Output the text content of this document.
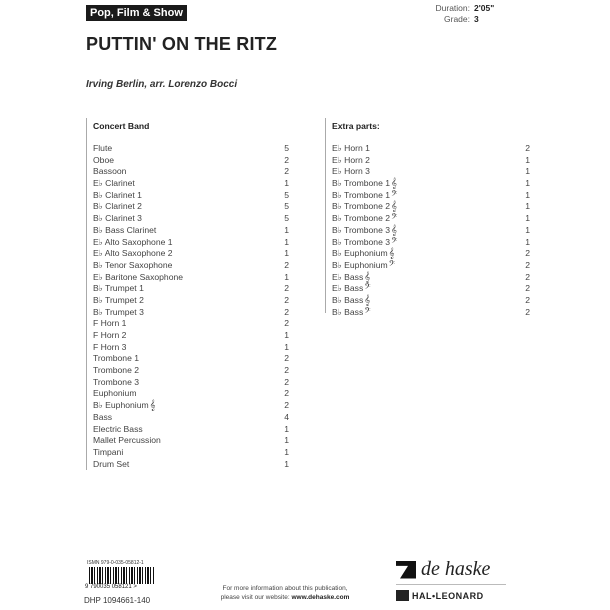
Pop, Film & Show	Duration: 2'05"
Grade: 3
PUTTIN' ON THE RITZ
Irving Berlin, arr. Lorenzo Bocci
Concert Band
Flute	5
Oboe	2
Bassoon	2
E♭ Clarinet	1
B♭ Clarinet 1	5
B♭ Clarinet 2	5
B♭ Clarinet 3	5
B♭ Bass Clarinet	1
E♭ Alto Saxophone 1	1
E♭ Alto Saxophone 2	1
B♭ Tenor Saxophone	2
E♭ Baritone Saxophone	1
B♭ Trumpet 1	2
B♭ Trumpet 2	2
B♭ Trumpet 3	2
F Horn 1	2
F Horn 2	1
F Horn 3	1
Trombone 1	2
Trombone 2	2
Trombone 3	2
Euphonium	2
B♭ Euphonium𝄞	2
Bass	4
Electric Bass	1
Mallet Percussion	1
Timpani	1
Drum Set	1
Extra parts:
E♭ Horn 1	2
E♭ Horn 2	1
E♭ Horn 3	1
B♭ Trombone 1𝄞	1
B♭ Trombone 1𝄢	1
B♭ Trombone 2𝄞	1
B♭ Trombone 2𝄢	1
B♭ Trombone 3𝄞	1
B♭ Trombone 3𝄢	1
B♭ Euphonium𝄞	2
B♭ Euphonium𝄢	2
E♭ Bass𝄞	2
E♭ Bass𝄢	2
B♭ Bass𝄞	2
B♭ Bass𝄢	2
ISMN 979-0-035-05812-1
9 790035 058121 >
DHP 1094661-140
For more information about this publication,
please visit our website: www.dehaske.com
de haske
HAL•LEONARD
